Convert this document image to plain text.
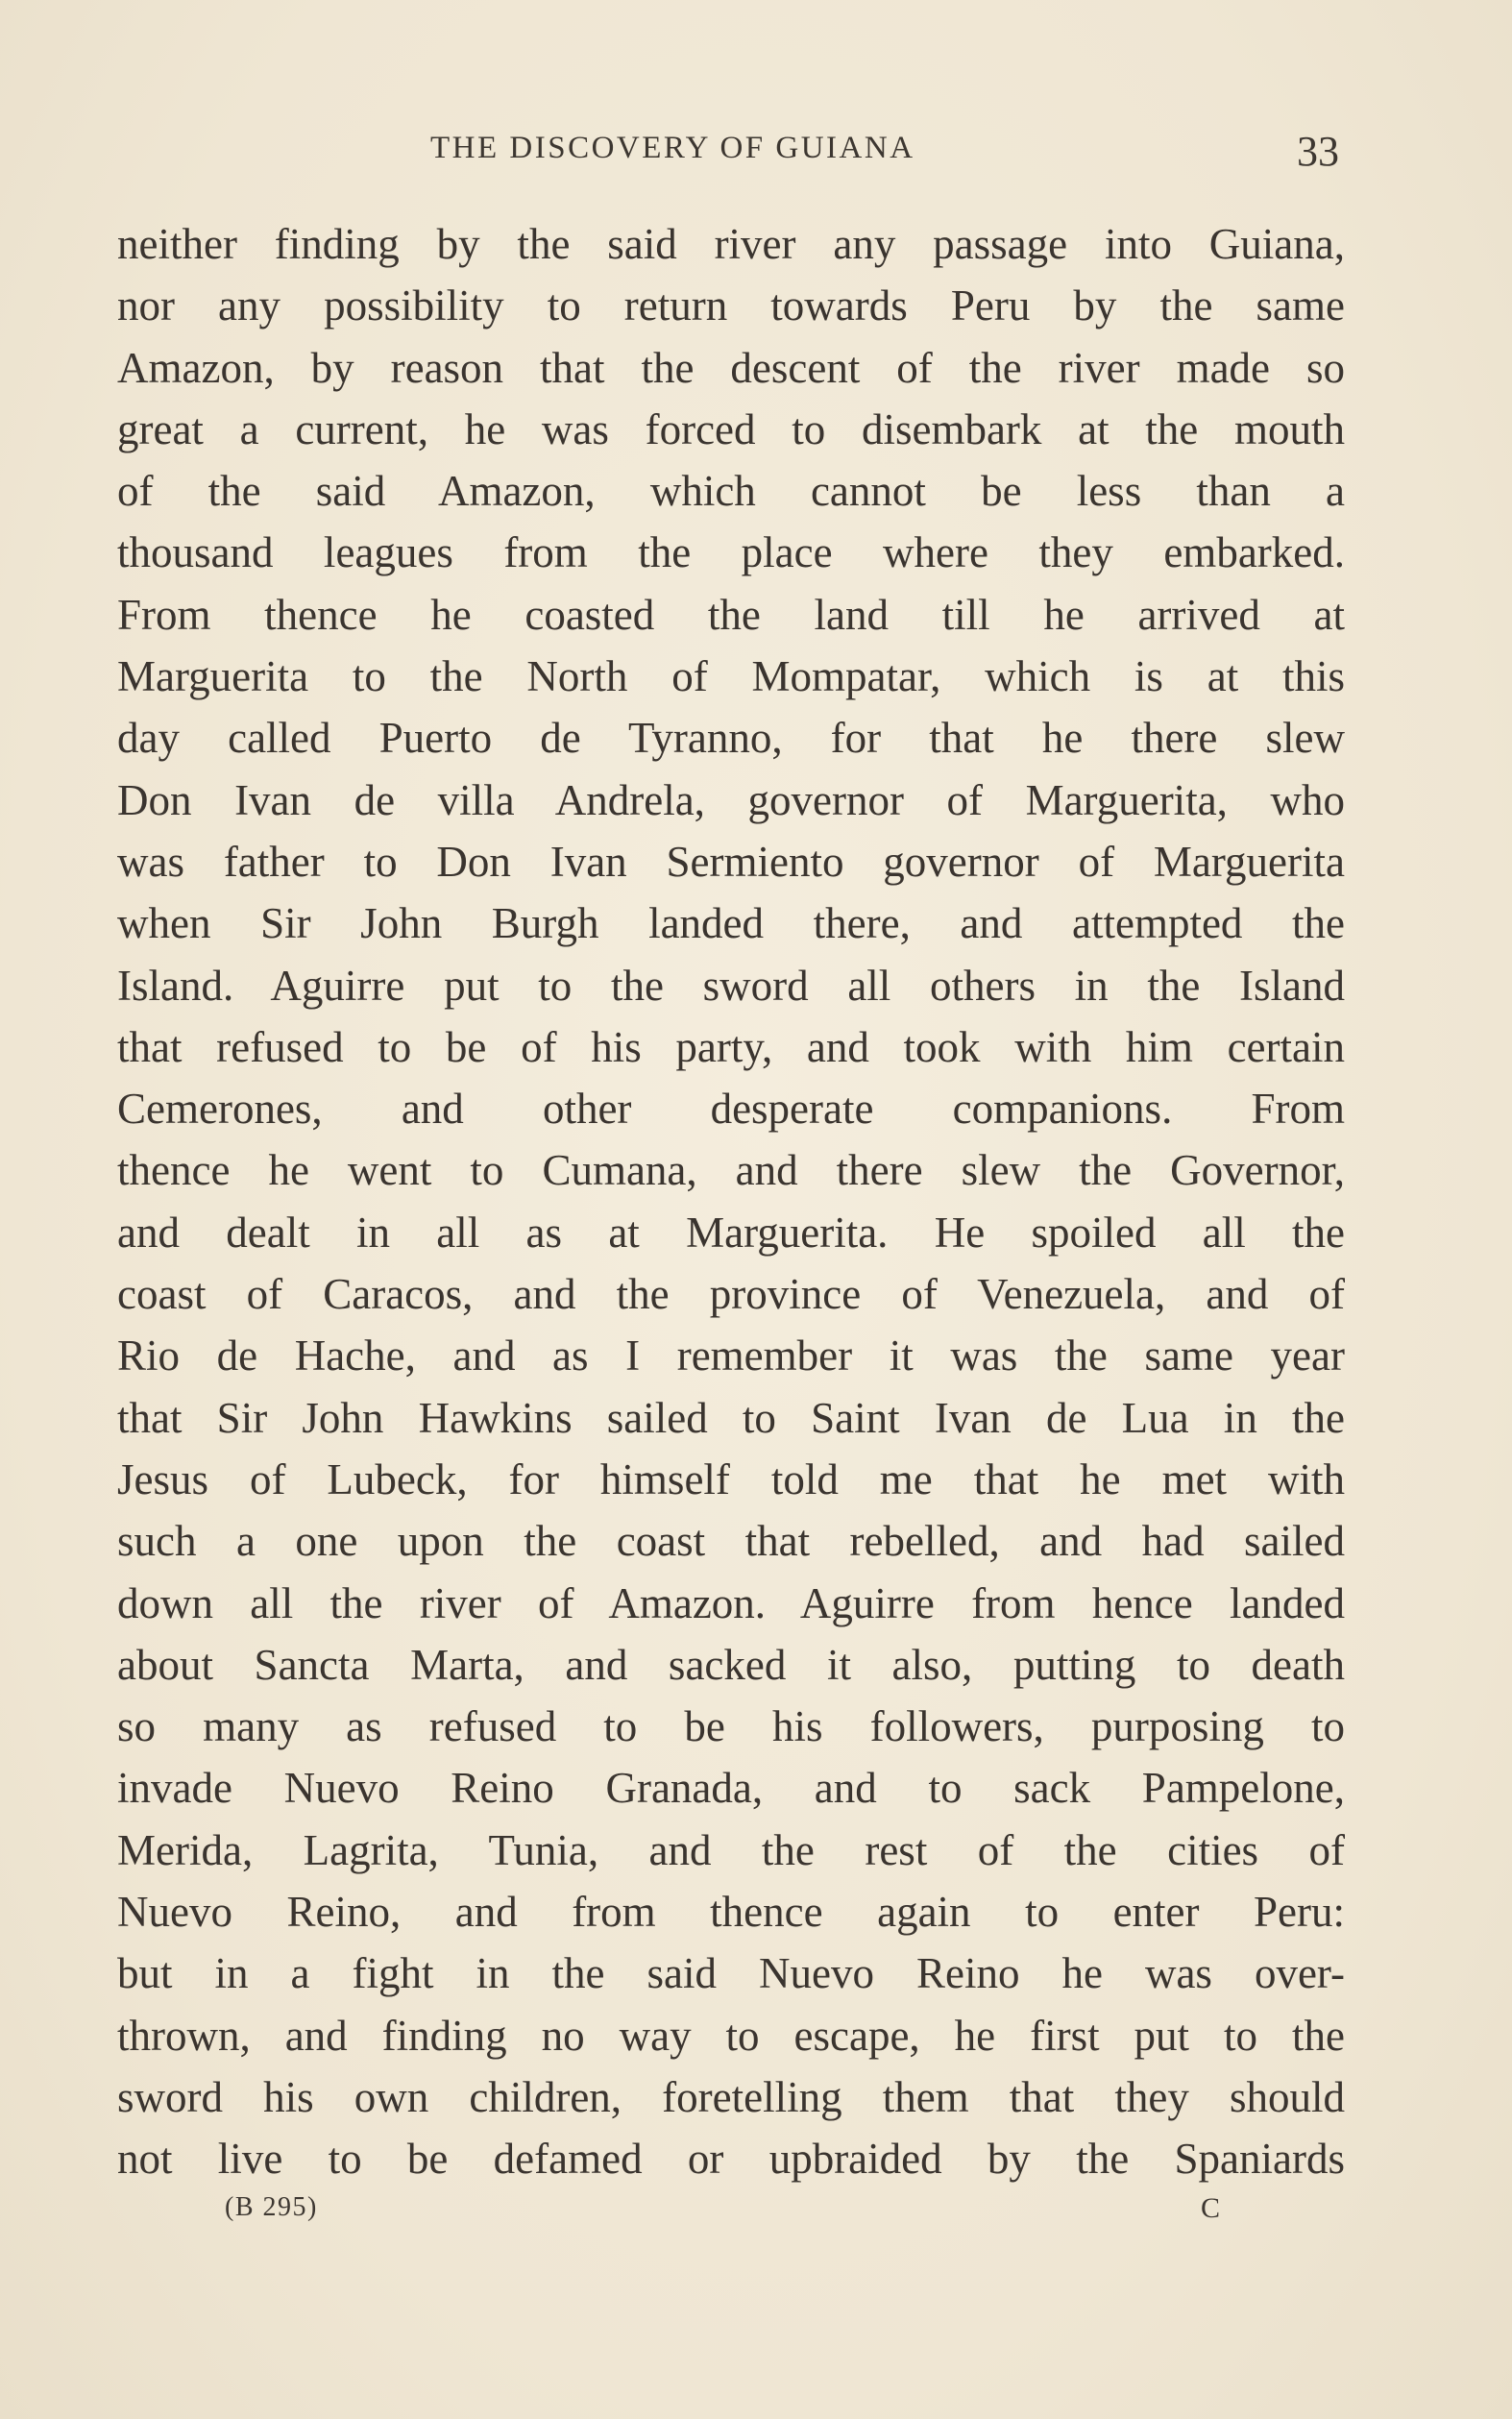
THE DISCOVERY OF GUIANA	33
neither finding by the said river any passage into Guiana,
nor any possibility to return towards Peru by the same
Amazon, by reason that the descent of the river made so
great a current, he was forced to disembark at the mouth
of the said Amazon, which cannot be less than a
thousand leagues from the place where they embarked.
From thence he coasted the land till he arrived at
Marguerita to the North of Mompatar, which is at this
day called Puerto de Tyranno, for that he there slew
Don Ivan de villa Andrela, governor of Marguerita, who
was father to Don Ivan Sermiento governor of Marguerita
when Sir John Burgh landed there, and attempted the
Island. Aguirre put to the sword all others in the Island
that refused to be of his party, and took with him certain
Cemerones, and other desperate companions. From
thence he went to Cumana, and there slew the Governor,
and dealt in all as at Marguerita. He spoiled all the
coast of Caracos, and the province of Venezuela, and of
Rio de Hache, and as I remember it was the same year
that Sir John Hawkins sailed to Saint Ivan de Lua in the
Jesus of Lubeck, for himself told me that he met with
such a one upon the coast that rebelled, and had sailed
down all the river of Amazon. Aguirre from hence landed
about Sancta Marta, and sacked it also, putting to death
so many as refused to be his followers, purposing to
invade Nuevo Reino Granada, and to sack Pampelone,
Merida, Lagrita, Tunia, and the rest of the cities of
Nuevo Reino, and from thence again to enter Peru:
but in a fight in the said Nuevo Reino he was over-
thrown, and finding no way to escape, he first put to the
sword his own children, foretelling them that they should
not live to be defamed or upbraided by the Spaniards
(B 295)	C
